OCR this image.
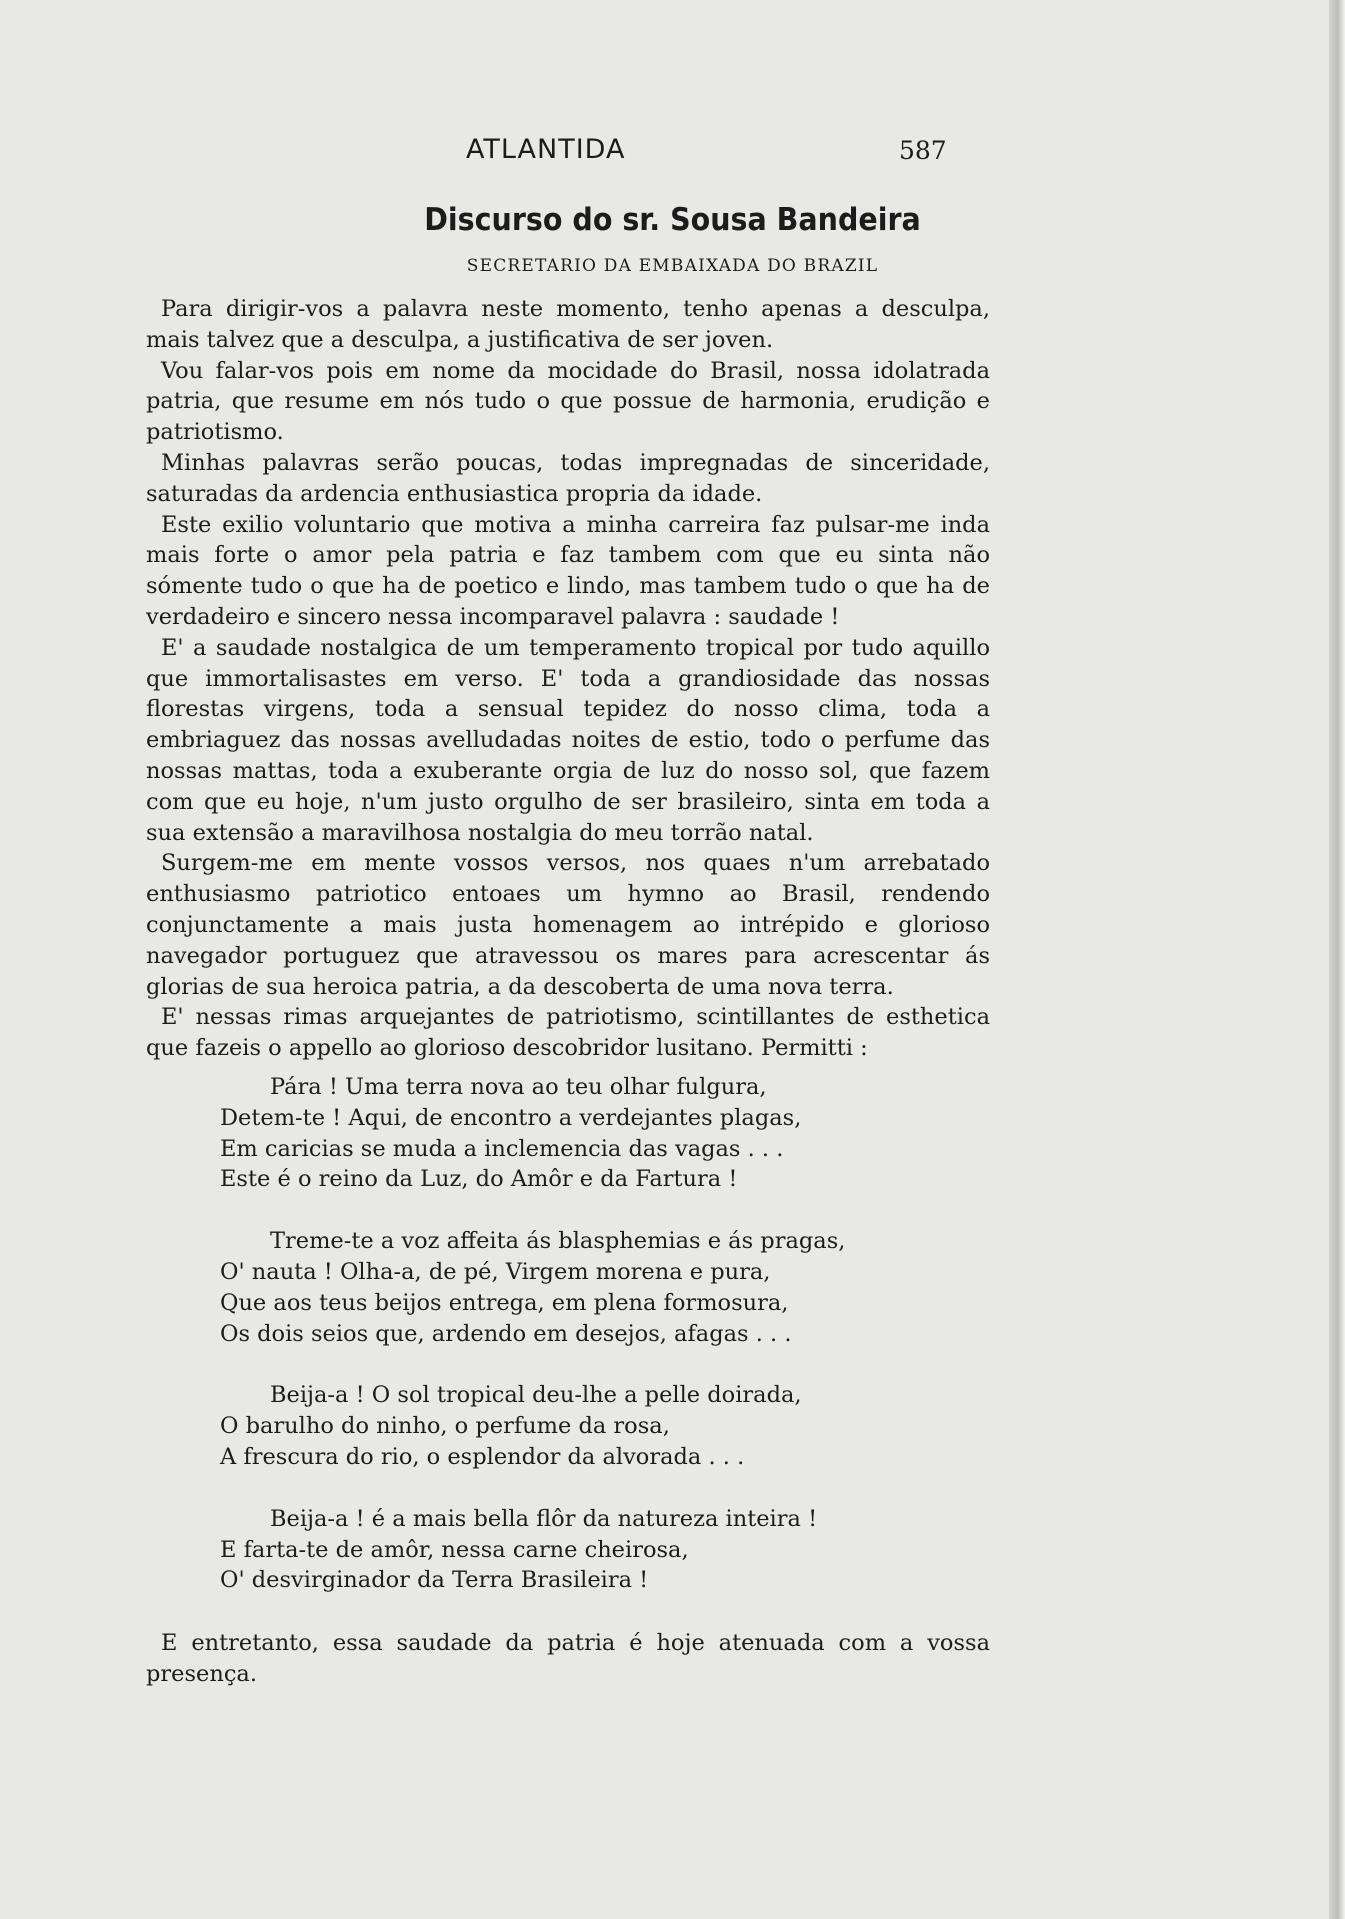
ATLANTIDA	587
Discurso do sr. Sousa Bandeira
SECRETARIO DA EMBAIXADA DO BRAZIL

Para dirigir-vos a palavra neste momento, tenho apenas a desculpa, mais talvez que a desculpa, a justificativa de ser joven.

Vou falar-vos pois em nome da mocidade do Brasil, nossa idolatrada patria, que resume em nós tudo o que possue de harmonia, erudição e patriotismo.

Minhas palavras serão poucas, todas impregnadas de sinceridade, saturadas da ardencia enthusiastica propria da idade.

Este exilio voluntario que motiva a minha carreira faz pulsar-me inda mais forte o amor pela patria e faz tambem com que eu sinta não sómente tudo o que ha de poetico e lindo, mas tambem tudo o que ha de verdadeiro e sincero nessa incomparavel palavra : saudade !

E' a saudade nostalgica de um temperamento tropical por tudo aquillo que immortalisastes em verso. E' toda a grandiosidade das nossas florestas virgens, toda a sensual tepidez do nosso clima, toda a embriaguez das nossas avelludadas noites de estio, todo o perfume das nossas mattas, toda a exuberante orgia de luz do nosso sol, que fazem com que eu hoje, n'um justo orgulho de ser brasileiro, sinta em toda a sua extensão a maravilhosa nostalgia do meu torrão natal.

Surgem-me em mente vossos versos, nos quaes n'um arrebatado enthusiasmo patriotico entoaes um hymno ao Brasil, rendendo conjunctamente a mais justa homenagem ao intrépido e glorioso navegador portuguez que atravessou os mares para acrescentar ás glorias de sua heroica patria, a da descoberta de uma nova terra.

E' nessas rimas arquejantes de patriotismo, scintillantes de esthetica que fazeis o appello ao glorioso descobridor lusitano. Permitti :

Pára ! Uma terra nova ao teu olhar fulgura,
Detem-te ! Aqui, de encontro a verdejantes plagas,
Em caricias se muda a inclemencia das vagas . . .
Este é o reino da Luz, do Amôr e da Fartura !
Treme-te a voz affeita ás blasphemias e ás pragas,
O' nauta ! Olha-a, de pé, Virgem morena e pura,
Que aos teus beijos entrega, em plena formosura,
Os dois seios que, ardendo em desejos, afagas . . .
Beija-a ! O sol tropical deu-lhe a pelle doirada,
O barulho do ninho, o perfume da rosa,
A frescura do rio, o esplendor da alvorada . . .
Beija-a ! é a mais bella flôr da natureza inteira !
E farta-te de amôr, nessa carne cheirosa,
O' desvirginador da Terra Brasileira !

E entretanto, essa saudade da patria é hoje atenuada com a vossa presença.
